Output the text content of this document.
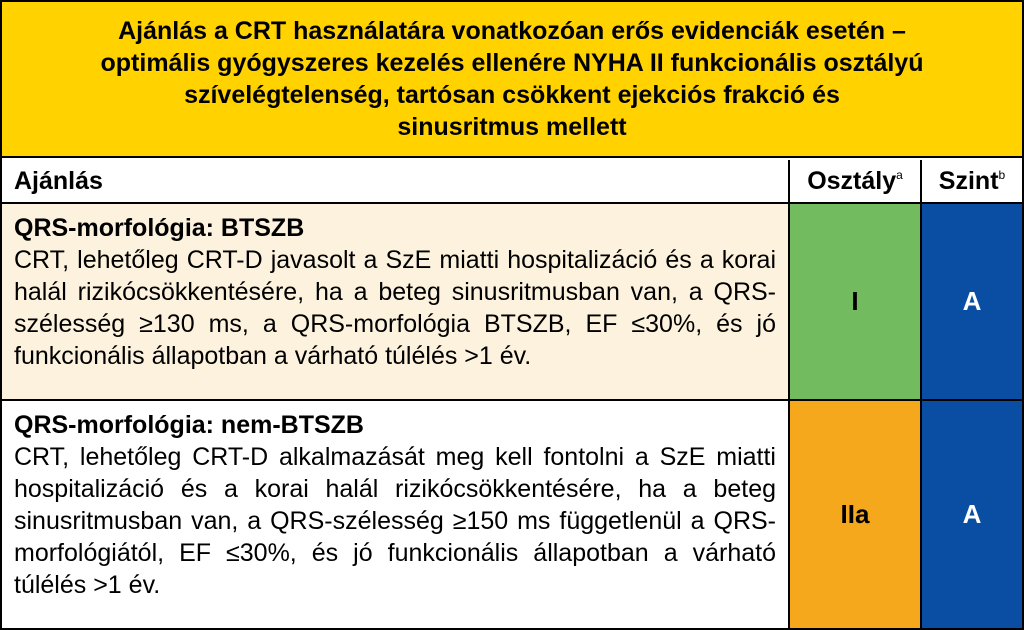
Ajánlás a CRT használatára vonatkozóan erős evidenciák esetén –
optimális gyógyszeres kezelés ellenére NYHA II funkcionális osztályú
szívelégtelenség, tartósan csökkent ejekciós frakció és
sinusritmus mellett
Ajánlás	Osztály$^a$ Szint$^b$
QRS-morfológia: BTSZB
CRT, lehetőleg CRT-D javasolt a SzE miatti hospitalizáció és a korai halál rizikócsökkentésére, ha a beteg sinusritmusban van, a QRS-szélesség ≥130 ms, a QRS-morfológia BTSZB, EF ≤30%, és jó funkcionális állapotban a várható túlélés >1 év.
I	A
QRS-morfológia: nem-BTSZB
CRT, lehetőleg CRT-D alkalmazását meg kell fontolni a SzE miatti hospitalizáció és a korai halál rizikócsökkentésére, ha a beteg sinusritmusban van, a QRS-szélesség ≥150 ms függetlenül a QRS-morfológiától, EF ≤30%, és jó funkcionális állapotban a várható túlélés >1 év.
IIa	A
